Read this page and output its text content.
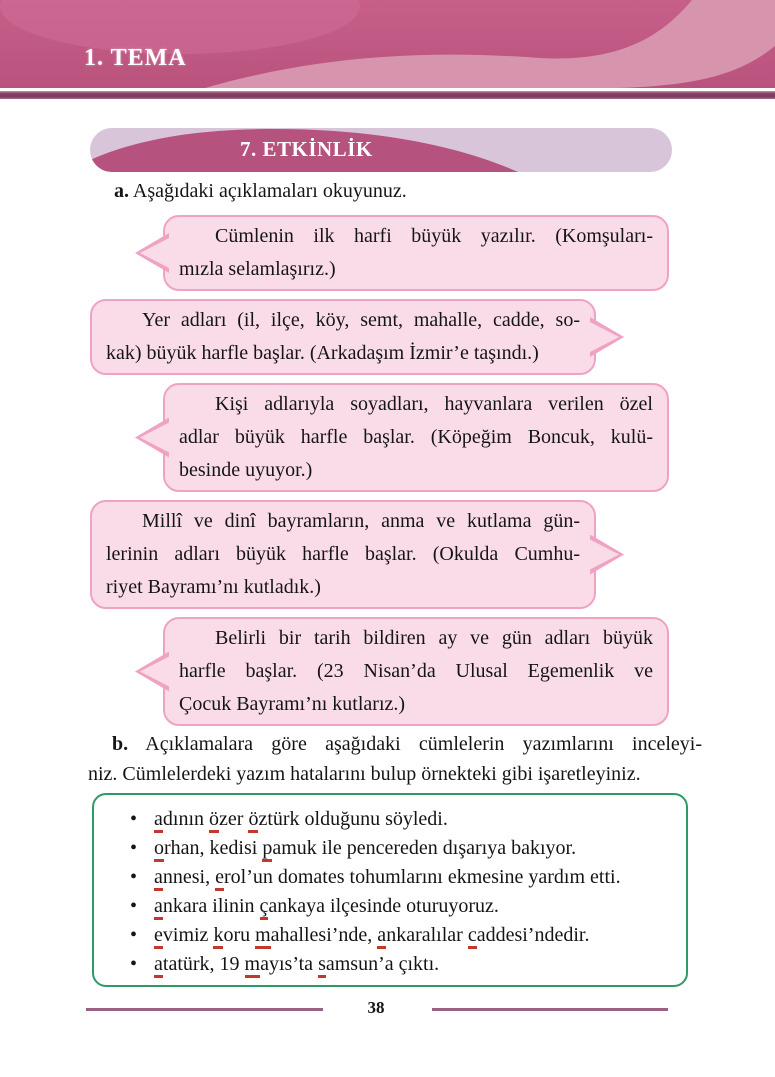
1. TEMA
7. ETKİNLİK
a. Aşağıdaki açıklamaları okuyunuz.
Cümlenin ilk harfi büyük yazılır. (Komşuları-
mızla selamlaşırız.)
Yer adları (il, ilçe, köy, semt, mahalle, cadde, so-
kak) büyük harfle başlar. (Arkadaşım İzmir’e taşındı.)
Kişi adlarıyla soyadları, hayvanlara verilen özel
adlar büyük harfle başlar. (Köpeğim Boncuk, kulü-
besinde uyuyor.)
Millî ve dinî bayramların, anma ve kutlama gün-
lerinin adları büyük harfle başlar. (Okulda Cumhu-
riyet Bayramı’nı kutladık.)
Belirli bir tarih bildiren ay ve gün adları büyük
harfle başlar. (23 Nisan’da Ulusal Egemenlik ve
Çocuk Bayramı’nı kutlarız.)
b. Açıklamalara göre aşağıdaki cümlelerin yazımlarını inceleyi-
niz. Cümlelerdeki yazım hatalarını bulup örnekteki gibi işaretleyiniz.
• adının özer öztürk olduğunu söyledi.
• orhan, kedisi pamuk ile pencereden dışarıya bakıyor.
• annesi, erol’un domates tohumlarını ekmesine yardım etti.
• ankara ilinin çankaya ilçesinde oturuyoruz.
• evimiz koru mahallesi’nde, ankaralılar caddesi’ndedir.
• atatürk, 19 mayıs’ta samsun’a çıktı.
38
